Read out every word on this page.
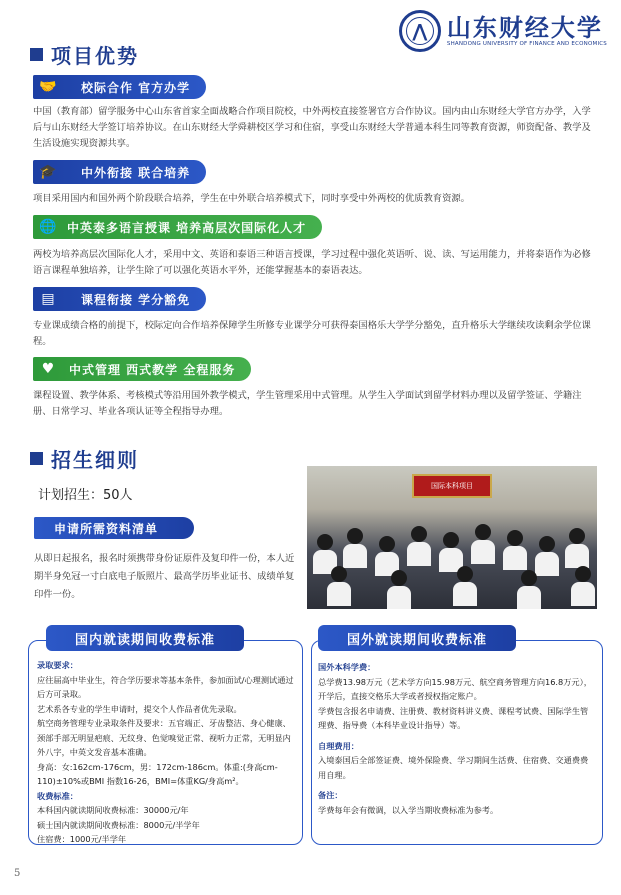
⋀
山东财经大学
SHANDONG UNIVERSITY OF FINANCE AND ECONOMICS
项目优势
🤝	校际合作 官方办学
中国（教育部）留学服务中心山东省首家全面战略合作项目院校，中外两校直接签署官方合作协议。国内由山东财经大学官方办学，入学后与山东财经大学签订培养协议。在山东财经大学舜耕校区学习和住宿，享受山东财经大学普通本科生同等教育资源，师资配备、教学及生活设施实现资源共享。
🎓	中外衔接 联合培养
项目采用国内和国外两个阶段联合培养，学生在中外联合培养模式下，同时享受中外两校的优质教育资源。
🌐 中英泰多语言授课 培养高层次国际化人才
两校为培养高层次国际化人才，采用中文、英语和泰语三种语言授课，学习过程中强化英语听、说、读、写运用能力，并将泰语作为必修语言课程单独培养，让学生除了可以强化英语水平外，还能掌握基本的泰语表达。
▤	课程衔接 学分豁免
专业课成绩合格的前提下，校际定向合作培养保障学生所修专业课学分可获得泰国格乐大学学分豁免，直升格乐大学继续攻读剩余学位课程。
♥	中式管理 西式教学 全程服务
课程设置、教学体系、考核模式等沿用国外教学模式，学生管理采用中式管理。从学生入学面试到留学材料办理以及留学签证、学籍注册、日常学习、毕业各项认证等全程指导办理。
招生细则
计划招生：50人
国际本科项目
申请所需资料清单
从即日起报名，报名时须携带身份证原件及复印件一份，本人近期半身免冠一寸白底电子版照片、最高学历毕业证书、成绩单复印件一份。
国内就读期间收费标准
录取要求：
应往届高中毕业生，符合学历要求等基本条件，参加面试/心理测试通过后方可录取。
艺术系各专业的学生申请时，提交个人作品者优先录取。
航空商务管理专业录取条件及要求：五官端正、牙齿整洁、身心健康、颈部手部无明显疤痕、无纹身、色觉嗅觉正常、视听力正常，无明显内外八字，中英文发音基本准确。
身高：女:162cm-176cm，男：172cm-186cm。体重:(身高cm-110)±10%或BMI 指数16-26，BMI=体重KG/身高m²。
收费标准：
本科国内就读期间收费标准：30000元/年
硕士国内就读期间收费标准：8000元/半学年
住宿费：1000元/半学年
国外就读期间收费标准
国外本科学费：
总学费13.98万元（艺术学方向15.98万元、航空商务管理方向16.8万元），开学后，直接交格乐大学或者授权指定账户。
学费包含报名申请费、注册费、教材资料讲义费、课程考试费、国际学生管理费、指导费（本科毕业设计指导）等。
自理费用：
入境泰国后全部签证费、境外保险费、学习期间生活费、住宿费、交通费费用自理。
备注：
学费每年会有微调，以入学当期收费标准为参考。
5
